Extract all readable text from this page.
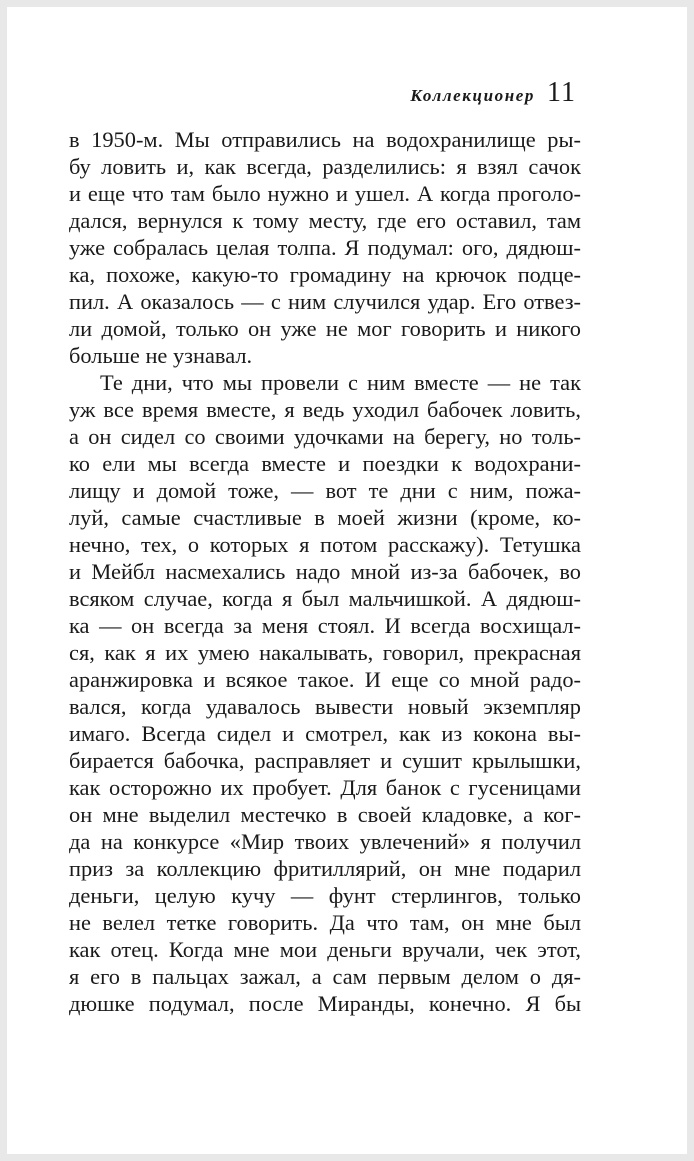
Коллекционер 11
в 1950-м. Мы отправились на водохранилище ры-
бу ловить и, как всегда, разделились: я взял сачок
и еще что там было нужно и ушел. А когда проголо-
дался, вернулся к тому месту, где его оставил, там
уже собралась целая толпа. Я подумал: ого, дядюш-
ка, похоже, какую-то громадину на крючок подце-
пил. А оказалось — с ним случился удар. Его отвез-
ли домой, только он уже не мог говорить и никого
больше не узнавал.
Те дни, что мы провели с ним вместе — не так
уж все время вместе, я ведь уходил бабочек ловить,
а он сидел со своими удочками на берегу, но толь-
ко ели мы всегда вместе и поездки к водохрани-
лищу и домой тоже, — вот те дни с ним, пожа-
луй, самые счастливые в моей жизни (кроме, ко-
нечно, тех, о которых я потом расскажу). Тетушка
и Мейбл насмехались надо мной из-за бабочек, во
всяком случае, когда я был мальчишкой. А дядюш-
ка — он всегда за меня стоял. И всегда восхищал-
ся, как я их умею накалывать, говорил, прекрасная
аранжировка и всякое такое. И еще со мной радо-
вался, когда удавалось вывести новый экземпляр
имаго. Всегда сидел и смотрел, как из кокона вы-
бирается бабочка, расправляет и сушит крылышки,
как осторожно их пробует. Для банок с гусеницами
он мне выделил местечко в своей кладовке, а ког-
да на конкурсе «Мир твоих увлечений» я получил
приз за коллекцию фритиллярий, он мне подарил
деньги, целую кучу — фунт стерлингов, только
не велел тетке говорить. Да что там, он мне был
как отец. Когда мне мои деньги вручали, чек этот,
я его в пальцах зажал, а сам первым делом о дя-
дюшке подумал, после Миранды, конечно. Я бы
